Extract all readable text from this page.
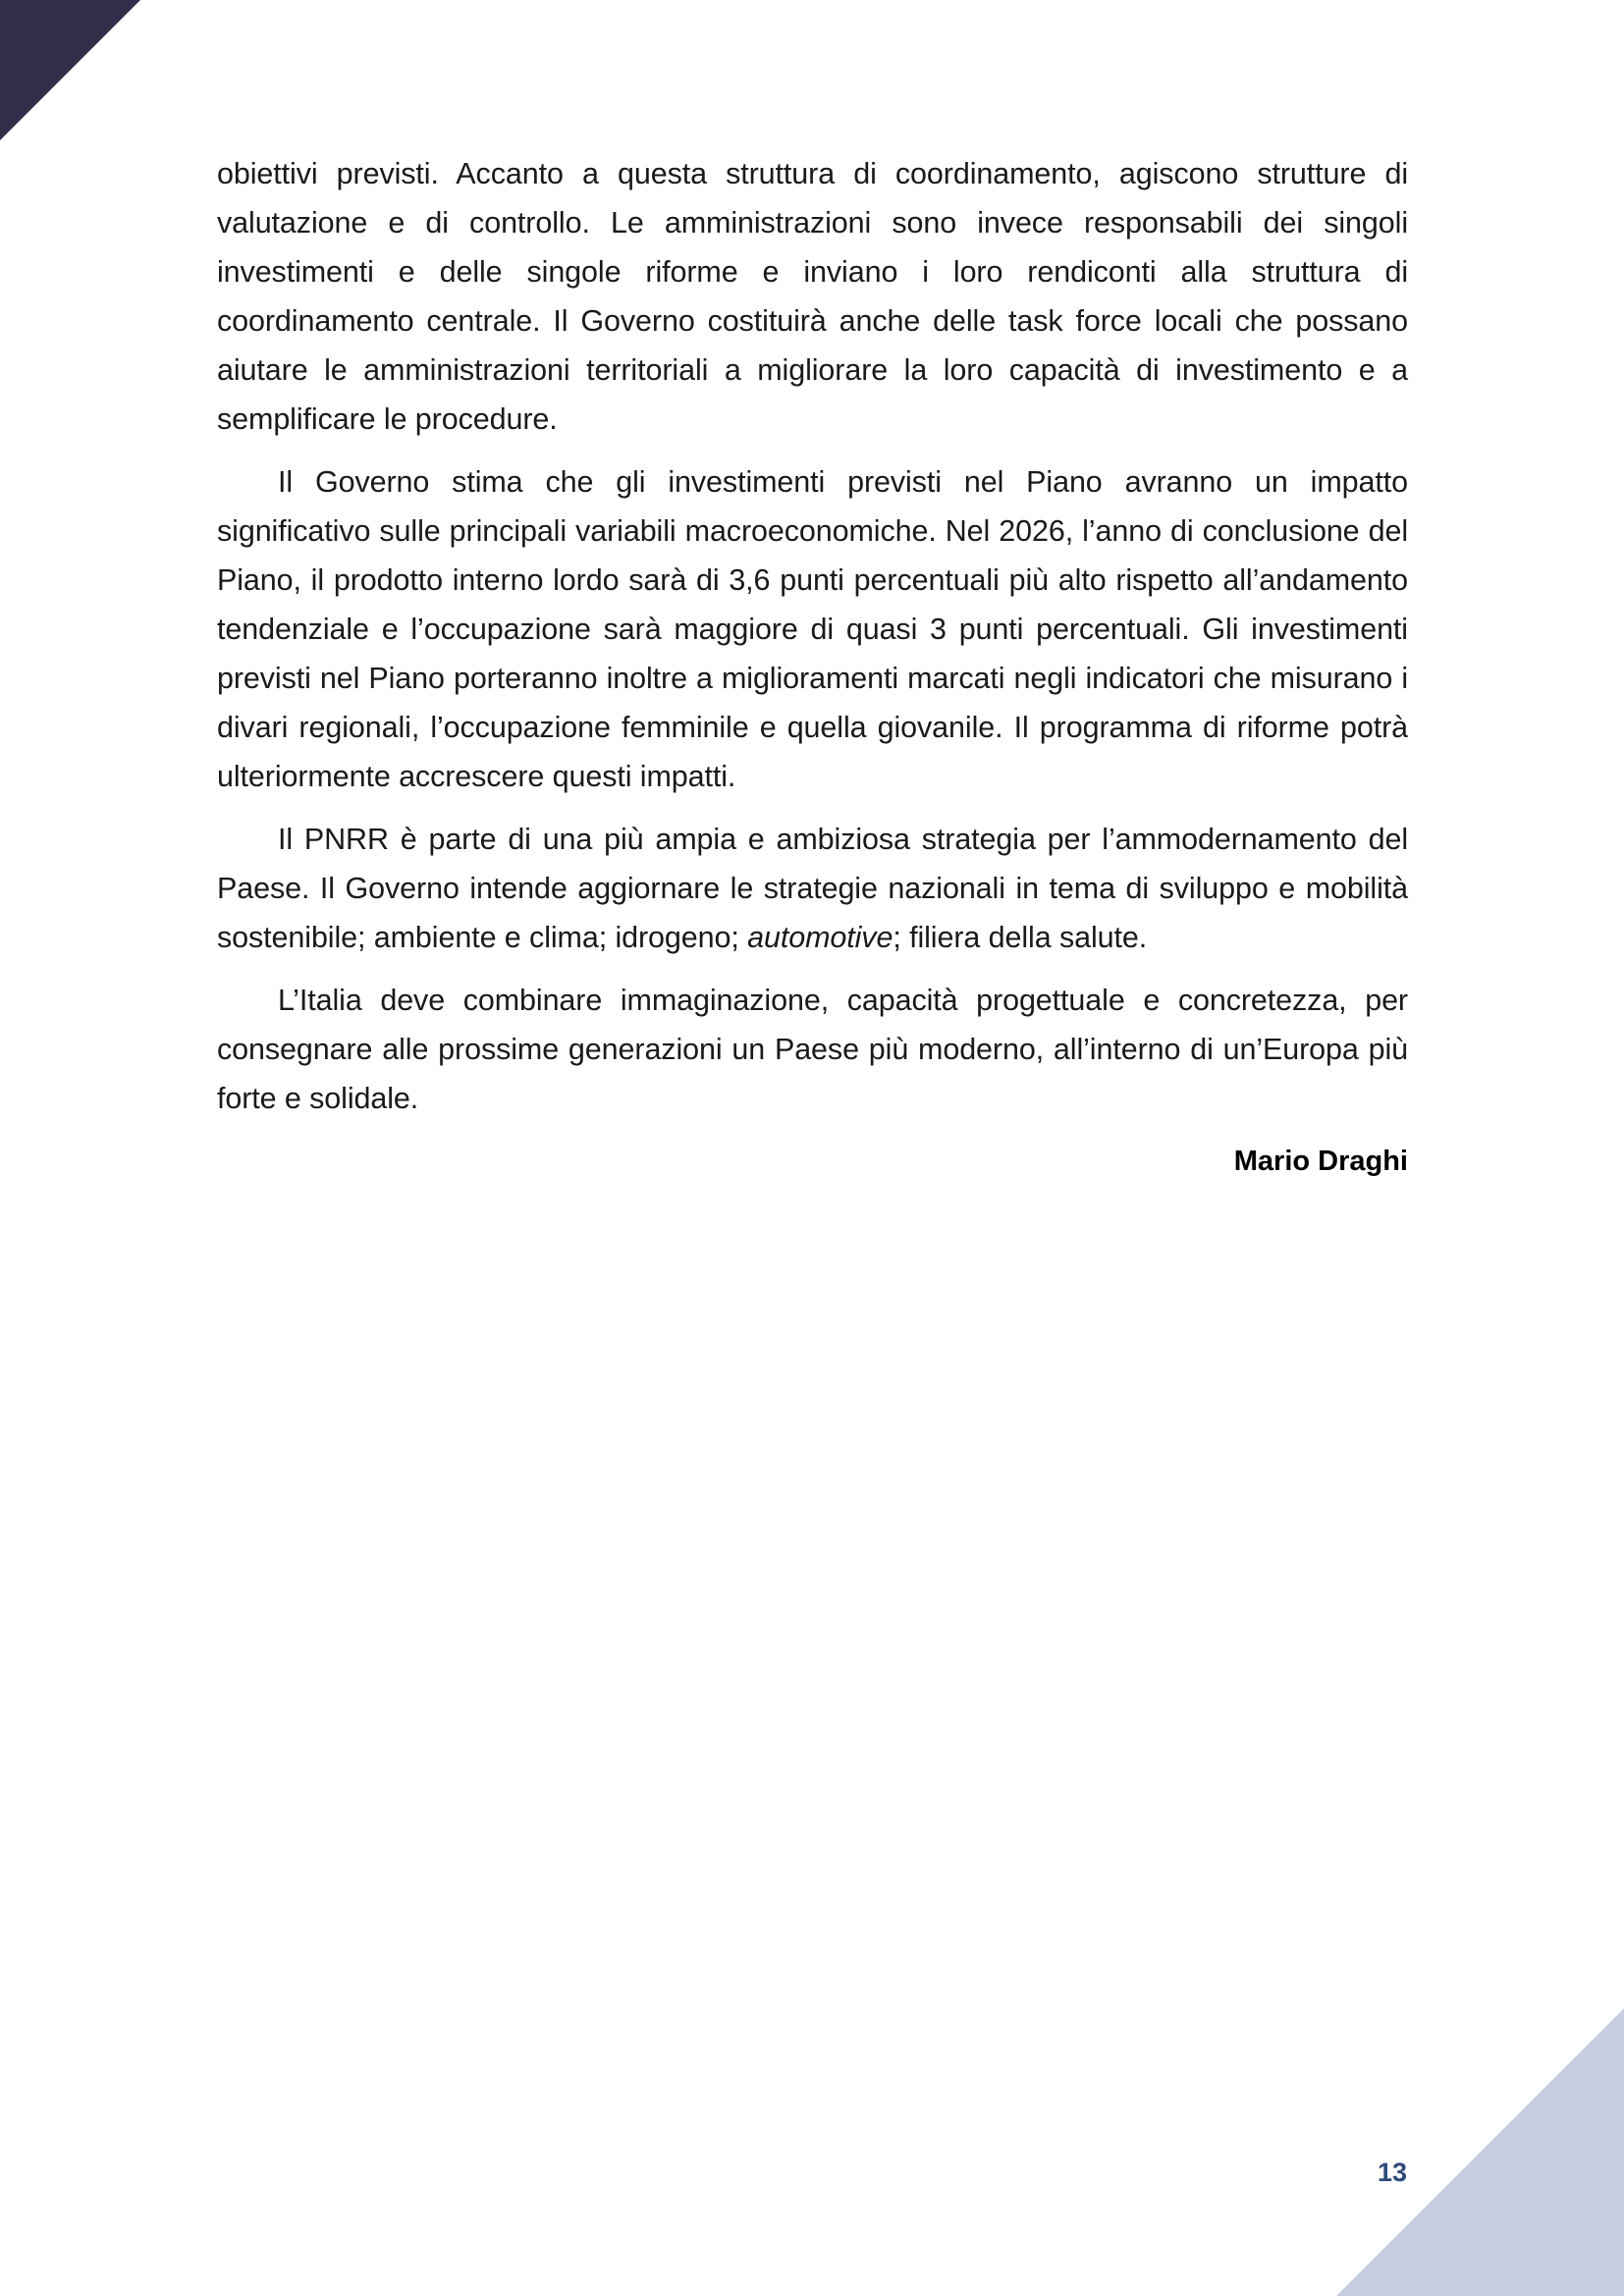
obiettivi previsti. Accanto a questa struttura di coordinamento, agiscono strutture di valutazione e di controllo. Le amministrazioni sono invece responsabili dei singoli investimenti e delle singole riforme e inviano i loro rendiconti alla struttura di coordinamento centrale. Il Governo costituirà anche delle task force locali che possano aiutare le amministrazioni territoriali a migliorare la loro capacità di investimento e a semplificare le procedure.

Il Governo stima che gli investimenti previsti nel Piano avranno un impatto significativo sulle principali variabili macroeconomiche. Nel 2026, l’anno di conclusione del Piano, il prodotto interno lordo sarà di 3,6 punti percentuali più alto rispetto all’andamento tendenziale e l’occupazione sarà maggiore di quasi 3 punti percentuali. Gli investimenti previsti nel Piano porteranno inoltre a miglioramenti marcati negli indicatori che misurano i divari regionali, l’occupazione femminile e quella giovanile. Il programma di riforme potrà ulteriormente accrescere questi impatti.

Il PNRR è parte di una più ampia e ambiziosa strategia per l’ammodernamento del Paese. Il Governo intende aggiornare le strategie nazionali in tema di sviluppo e mobilità sostenibile; ambiente e clima; idrogeno; automotive; filiera della salute.

L’Italia deve combinare immaginazione, capacità progettuale e concretezza, per consegnare alle prossime generazioni un Paese più moderno, all’interno di un’Europa più forte e solidale.

Mario Draghi

13
